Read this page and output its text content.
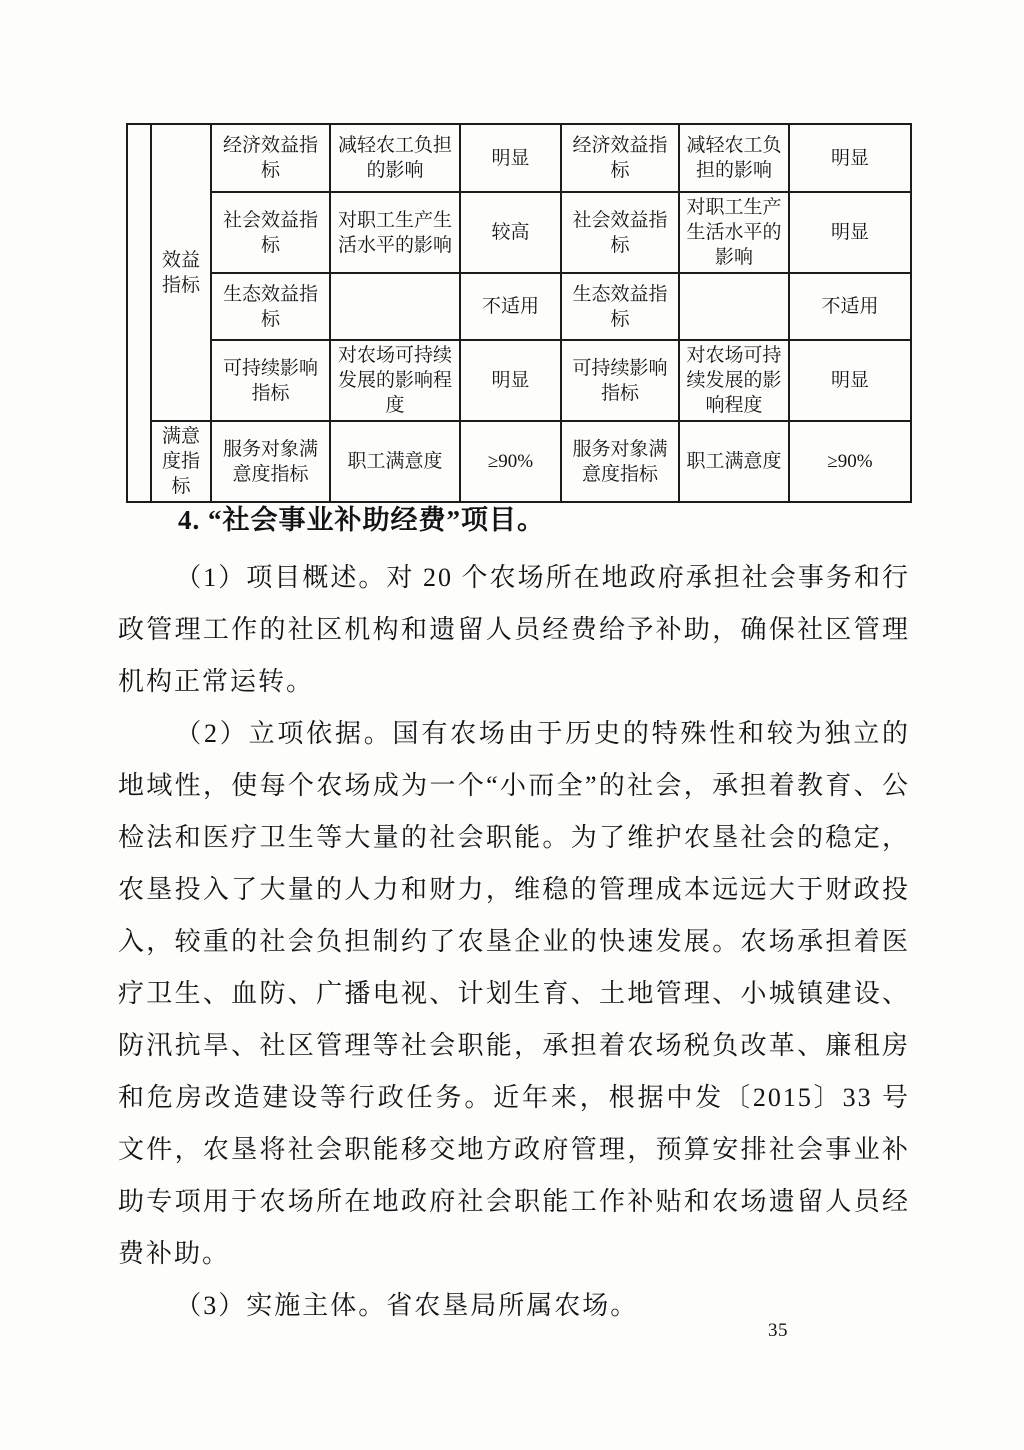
	效益指标	经济效益指标	减轻农工负担的影响	明显	经济效益指标	减轻农工负担的影响	明显
		社会效益指标	对职工生产生活水平的影响	较高	社会效益指标	对职工生产生活水平的影响	明显
		生态效益指标		不适用	生态效益指标		不适用
		可持续影响指标	对农场可持续发展的影响程度	明显	可持续影响指标	对农场可持续发展的影响程度	明显
	满意度指标	服务对象满意度指标	职工满意度	≥90%	服务对象满意度指标	职工满意度	≥90%
4. “社会事业补助经费”项目。

（1）项目概述。对 20 个农场所在地政府承担社会事务和行政管理工作的社区机构和遗留人员经费给予补助，确保社区管理机构正常运转。

（2）立项依据。国有农场由于历史的特殊性和较为独立的地域性，使每个农场成为一个“小而全”的社会，承担着教育、公检法和医疗卫生等大量的社会职能。为了维护农垦社会的稳定，农垦投入了大量的人力和财力，维稳的管理成本远远大于财政投入，较重的社会负担制约了农垦企业的快速发展。农场承担着医疗卫生、血防、广播电视、计划生育、土地管理、小城镇建设、防汛抗旱、社区管理等社会职能，承担着农场税负改革、廉租房和危房改造建设等行政任务。近年来，根据中发〔2015〕33 号文件，农垦将社会职能移交地方政府管理，预算安排社会事业补助专项用于农场所在地政府社会职能工作补贴和农场遗留人员经费补助。

（3）实施主体。省农垦局所属农场。

35
